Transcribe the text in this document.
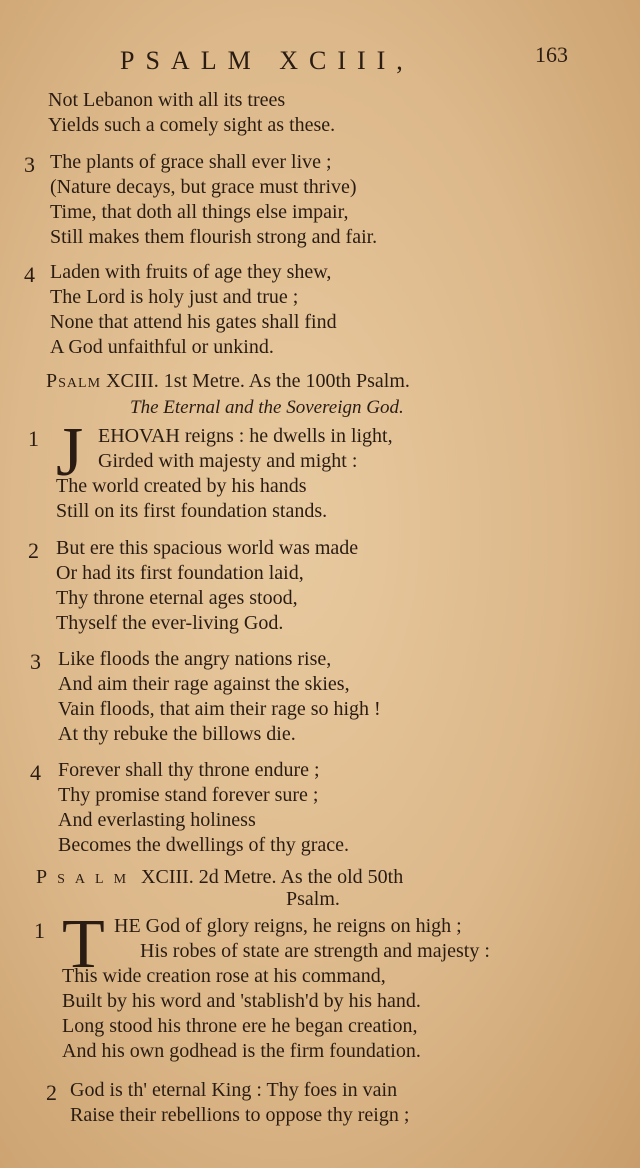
PSALM XCIII,	163
Not Lebanon with all its trees
Yields such a comely sight as these.
3 The plants of grace shall ever live ;
(Nature decays, but grace must thrive)
Time, that doth all things else impair,
Still makes them flourish strong and fair.
4 Laden with fruits of age they shew,
The Lord is holy just and true ;
None that attend his gates shall find
A God unfaithful or unkind.
Psalm XCIII. 1st Metre. As the 100th Psalm.
The Eternal and the Sovereign God.
1 J EHOVAH reigns : he dwells in light,
Girded with majesty and might :
The world created by his hands
Still on its first foundation stands.
2 But ere this spacious world was made
Or had its first foundation laid,
Thy throne eternal ages stood,
Thyself the ever-living God.
3 Like floods the angry nations rise,
And aim their rage against the skies,
Vain floods, that aim their rage so high !
At thy rebuke the billows die.
4 Forever shall thy throne endure ;
Thy promise stand forever sure ;
And everlasting holiness
Becomes the dwellings of thy grace.
Psalm XCIII. 2d Metre. As the old 50th
Psalm.
1 T HE God of glory reigns, he reigns on high ;
His robes of state are strength and majesty :
This wide creation rose at his command,
Built by his word and 'stablish'd by his hand.
Long stood his throne ere he began creation,
And his own godhead is the firm foundation.
2 God is th' eternal King : Thy foes in vain
Raise their rebellions to oppose thy reign ;
